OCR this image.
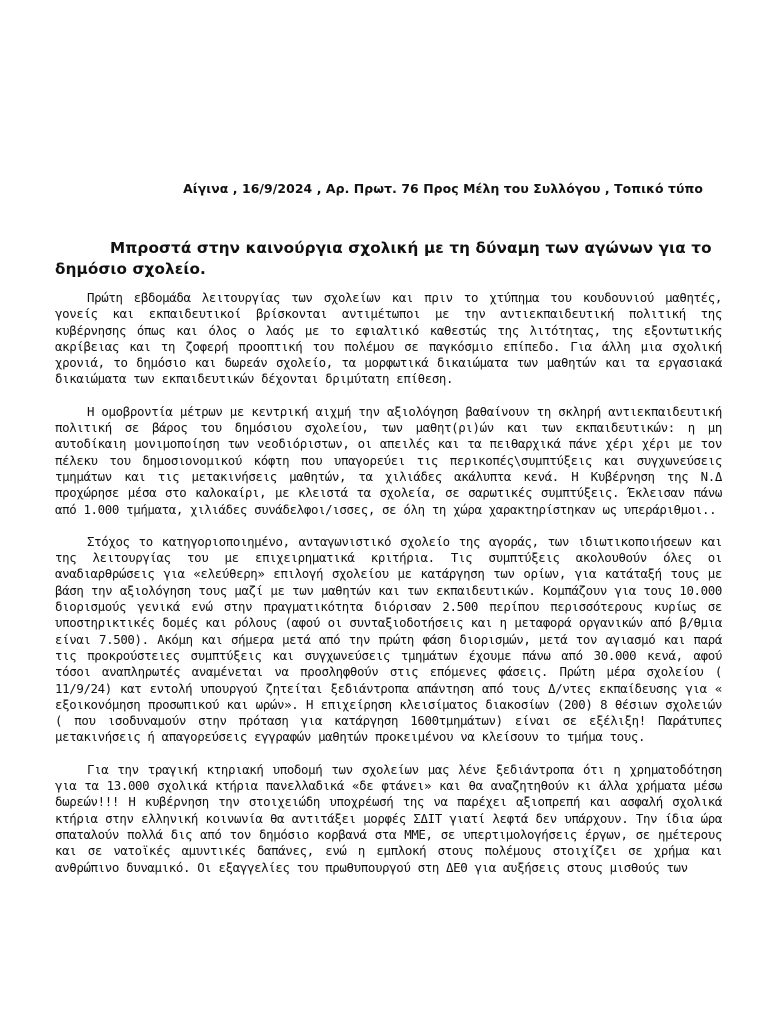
Αίγινα , 16/9/2024 , Αρ. Πρωτ. 76 Προς Μέλη του Συλλόγου , Τοπικό τύπο
Μπροστά στην καινούργια σχολική με τη δύναμη των αγώνων για το δημόσιο σχολείο.

Πρώτη εβδομάδα λειτουργίας των σχολείων και πριν το χτύπημα του κουδουνιού μαθητές, γονείς και εκπαιδευτικοί βρίσκονται αντιμέτωποι με την αντιεκπαιδευτική πολιτική της κυβέρνησης όπως και όλος ο λαός με το εφιαλτικό καθεστώς της λιτότητας, της εξοντωτικής ακρίβειας και τη ζοφερή προοπτική του πολέμου σε παγκόσμιο επίπεδο. Για άλλη μια σχολική χρονιά, το δημόσιο και δωρεάν σχολείο, τα μορφωτικά δικαιώματα των μαθητών και τα εργασιακά δικαιώματα των εκπαιδευτικών δέχονται δριμύτατη επίθεση.

Η ομοβροντία μέτρων με κεντρική αιχμή την αξιολόγηση βαθαίνουν τη σκληρή αντιεκπαιδευτική πολιτική σε βάρος του δημόσιου σχολείου, των μαθητ(ρι)ών και των εκπαιδευτικών: η μη αυτοδίκαιη μονιμοποίηση των νεοδιόριστων, οι απειλές και τα πειθαρχικά πάνε χέρι χέρι με τον πέλεκυ του δημοσιονομικού κόφτη που υπαγορεύει τις περικοπές\συμπτύξεις και συγχωνεύσεις τμημάτων και τις μετακινήσεις μαθητών, τα χιλιάδες ακάλυπτα κενά. Η Κυβέρνηση της Ν.Δ προχώρησε μέσα στο καλοκαίρι, με κλειστά τα σχολεία, σε σαρωτικές συμπτύξεις. Έκλεισαν πάνω από 1.000 τμήματα, χιλιάδες συνάδελφοι/ισσες, σε όλη τη χώρα χαρακτηρίστηκαν ως υπεράριθμοι..

Στόχος το κατηγοριοποιημένο, ανταγωνιστικό σχολείο της αγοράς, των ιδιωτικοποιήσεων και της λειτουργίας του με επιχειρηματικά κριτήρια. Τις συμπτύξεις ακολουθούν όλες οι αναδιαρθρώσεις για «ελεύθερη» επιλογή σχολείου με κατάργηση των ορίων, για κατάταξή τους με βάση την αξιολόγηση τους μαζί με των μαθητών και των εκπαιδευτικών. Κομπάζουν για τους 10.000 διορισμούς γενικά ενώ στην πραγματικότητα διόρισαν 2.500 περίπου περισσότερους κυρίως σε υποστηρικτικές δομές και ρόλους (αφού οι συνταξιοδοτήσεις και η μεταφορά οργανικών από β/θμια είναι 7.500). Ακόμη και σήμερα μετά από την πρώτη φάση διορισμών, μετά τον αγιασμό και παρά τις προκρούστειες συμπτύξεις και συγχωνεύσεις τμημάτων έχουμε πάνω από 30.000 κενά, αφού τόσοι αναπληρωτές αναμένεται να προσληφθούν στις επόμενες φάσεις. Πρώτη μέρα σχολείου ( 11/9/24) κατ εντολή υπουργού ζητείται ξεδιάντροπα απάντηση από τους Δ/ντες εκπαίδευσης για « εξοικονόμηση προσωπικού και ωρών». Η επιχείρηση κλεισίματος διακοσίων (200) 8 θέσιων σχολειών ( που ισοδυναμούν στην πρόταση για κατάργηση 1600τμημάτων) είναι σε εξέλιξη! Παράτυπες μετακινήσεις ή απαγορεύσεις εγγραφών μαθητών προκειμένου να κλείσουν το τμήμα τους.

Για την τραγική κτηριακή υποδομή των σχολείων μας λένε ξεδιάντροπα ότι η χρηματοδότηση για τα 13.000 σχολικά κτήρια πανελλαδικά «δε φτάνει» και θα αναζητηθούν κι άλλα χρήματα μέσω δωρεών!!! Η κυβέρνηση την στοιχειώδη υποχρέωσή της να παρέχει αξιοπρεπή και ασφαλή σχολικά κτήρια στην ελληνική κοινωνία θα αντιτάξει μορφές ΣΔΙΤ γιατί λεφτά δεν υπάρχουν. Την ίδια ώρα σπαταλούν πολλά δις από τον δημόσιο κορβανά στα ΜΜΕ, σε υπερτιμολογήσεις έργων, σε ημέτερους και σε νατοϊκές αμυντικές δαπάνες, ενώ η εμπλοκή στους πολέμους στοιχίζει σε χρήμα και ανθρώπινο δυναμικό. Οι εξαγγελίες του πρωθυπουργού στη ΔΕΘ για αυξήσεις στους μισθούς των
